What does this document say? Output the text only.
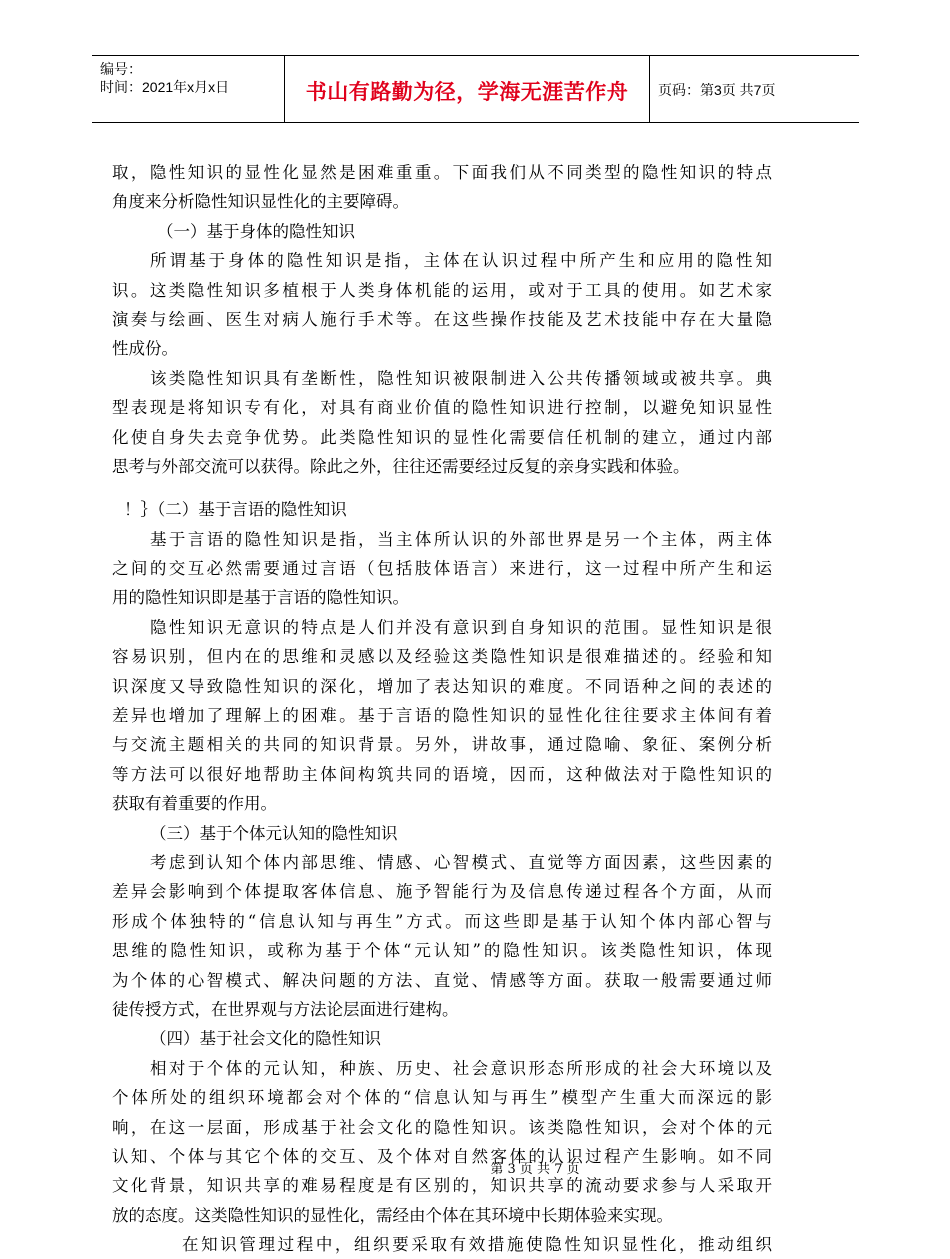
编号：
时间：2021年x月x日	书山有路勤为径，学海无涯苦作舟	页码：第3页 共7页
取，隐性知识的显性化显然是困难重重。下面我们从不同类型的隐性知识的特点
角度来分析隐性知识显性化的主要障碍。
（一）基于身体的隐性知识
所谓基于身体的隐性知识是指，主体在认识过程中所产生和应用的隐性知
识。这类隐性知识多植根于人类身体机能的运用，或对于工具的使用。如艺术家
演奏与绘画、医生对病人施行手术等。在这些操作技能及艺术技能中存在大量隐
性成份。
该类隐性知识具有垄断性，隐性知识被限制进入公共传播领域或被共享。典
型表现是将知识专有化，对具有商业价值的隐性知识进行控制，以避免知识显性
化使自身失去竞争优势。此类隐性知识的显性化需要信任机制的建立，通过内部
思考与外部交流可以获得。除此之外，往往还需要经过反复的亲身实践和体验。
！｝（二）基于言语的隐性知识
基于言语的隐性知识是指，当主体所认识的外部世界是另一个主体，两主体
之间的交互必然需要通过言语（包括肢体语言）来进行，这一过程中所产生和运
用的隐性知识即是基于言语的隐性知识。
隐性知识无意识的特点是人们并没有意识到自身知识的范围。显性知识是很
容易识别，但内在的思维和灵感以及经验这类隐性知识是很难描述的。经验和知
识深度又导致隐性知识的深化，增加了表达知识的难度。不同语种之间的表述的
差异也增加了理解上的困难。基于言语的隐性知识的显性化往往要求主体间有着
与交流主题相关的共同的知识背景。另外，讲故事，通过隐喻、象征、案例分析
等方法可以很好地帮助主体间构筑共同的语境，因而，这种做法对于隐性知识的
获取有着重要的作用。
（三）基于个体元认知的隐性知识
考虑到认知个体内部思维、情感、心智模式、直觉等方面因素，这些因素的
差异会影响到个体提取客体信息、施予智能行为及信息传递过程各个方面，从而
形成个体独特的“信息认知与再生”方式。而这些即是基于认知个体内部心智与
思维的隐性知识，或称为基于个体“元认知”的隐性知识。该类隐性知识，体现
为个体的心智模式、解决问题的方法、直觉、情感等方面。获取一般需要通过师
徒传授方式，在世界观与方法论层面进行建构。
（四）基于社会文化的隐性知识
相对于个体的元认知，种族、历史、社会意识形态所形成的社会大环境以及
个体所处的组织环境都会对个体的“信息认知与再生”模型产生重大而深远的影
响，在这一层面，形成基于社会文化的隐性知识。该类隐性知识，会对个体的元
认知、个体与其它个体的交互、及个体对自然客体的认识过程产生影响。如不同
文化背景，知识共享的难易程度是有区别的，知识共享的流动要求参与人采取开
放的态度。这类隐性知识的显性化，需经由个体在其环境中长期体验来实现。
在知识管理过程中，组织要采取有效措施使隐性知识显性化，推动组织
第 3 页 共 7 页
